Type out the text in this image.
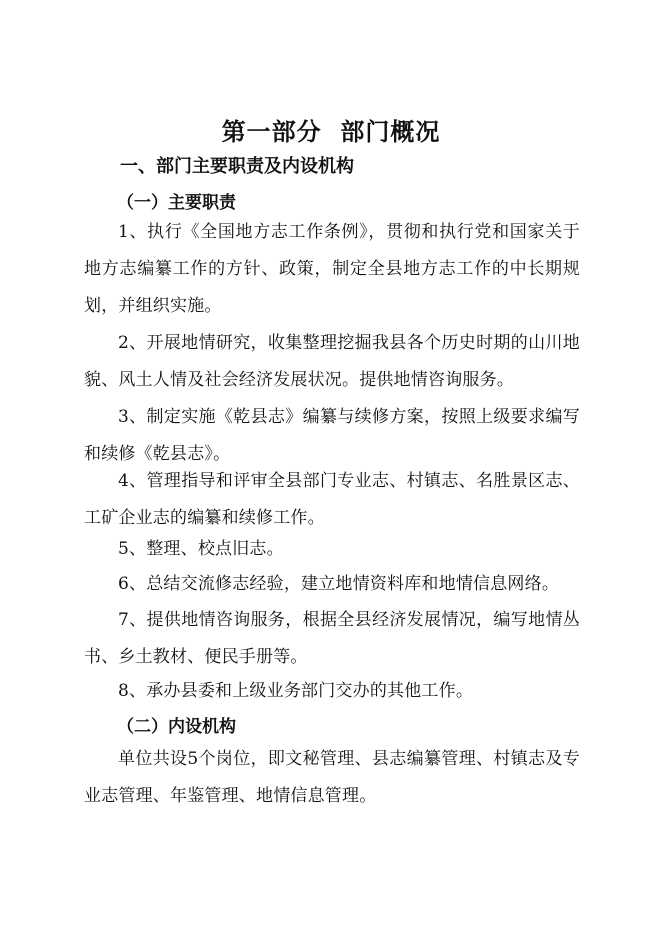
第一部分  部门概况
一、部门主要职责及内设机构
（一）主要职责
1、执行《全国地方志工作条例》，贯彻和执行党和国家关于地方志编纂工作的方针、政策，制定全县地方志工作的中长期规划，并组织实施。
2、开展地情研究，收集整理挖掘我县各个历史时期的山川地貌、风土人情及社会经济发展状况。提供地情咨询服务。
3、制定实施《乾县志》编纂与续修方案，按照上级要求编写和续修《乾县志》。
4、管理指导和评审全县部门专业志、村镇志、名胜景区志、工矿企业志的编纂和续修工作。
5、整理、校点旧志。
6、总结交流修志经验，建立地情资料库和地情信息网络。
7、提供地情咨询服务，根据全县经济发展情况，编写地情丛书、乡土教材、便民手册等。
8、承办县委和上级业务部门交办的其他工作。
（二）内设机构
单位共设5个岗位，即文秘管理、县志编纂管理、村镇志及专业志管理、年鉴管理、地情信息管理。
